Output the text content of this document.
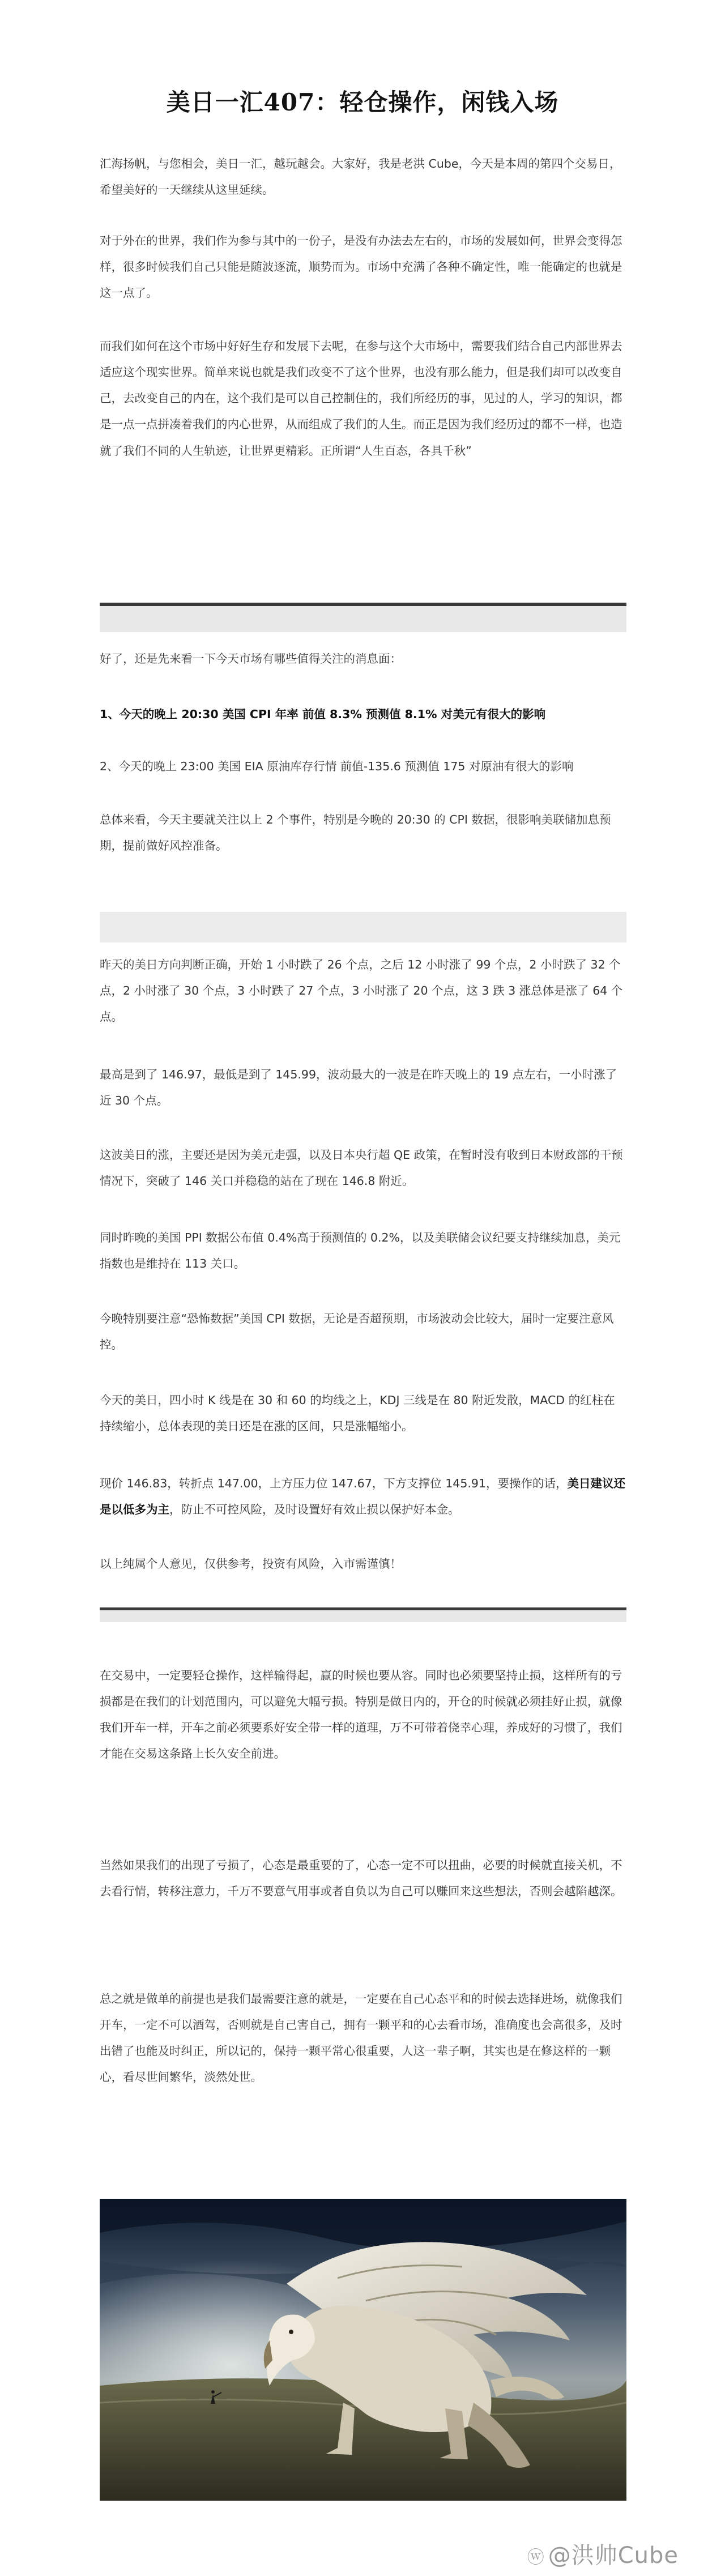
美日一汇407：轻仓操作，闲钱入场

汇海扬帆，与您相会，美日一汇，越玩越会。大家好，我是老洪 Cube，今天是本周的第四个交易日，希望美好的一天继续从这里延续。

对于外在的世界，我们作为参与其中的一份子，是没有办法去左右的，市场的发展如何，世界会变得怎样，很多时候我们自己只能是随波逐流，顺势而为。市场中充满了各种不确定性，唯一能确定的也就是这一点了。

而我们如何在这个市场中好好生存和发展下去呢，在参与这个大市场中，需要我们结合自己内部世界去适应这个现实世界。简单来说也就是我们改变不了这个世界，也没有那么能力，但是我们却可以改变自己，去改变自己的内在，这个我们是可以自己控制住的，我们所经历的事，见过的人，学习的知识，都是一点一点拼凑着我们的内心世界，从而组成了我们的人生。而正是因为我们经历过的都不一样，也造就了我们不同的人生轨迹，让世界更精彩。正所谓“人生百态，各具千秋”

好了，还是先来看一下今天市场有哪些值得关注的消息面：

1、今天的晚上 20:30 美国 CPI 年率 前值 8.3% 预测值 8.1% 对美元有很大的影响

2、今天的晚上 23:00 美国 EIA 原油库存行情 前值-135.6 预测值 175 对原油有很大的影响

总体来看，今天主要就关注以上 2 个事件，特别是今晚的 20:30 的 CPI 数据，很影响美联储加息预期，提前做好风控准备。

昨天的美日方向判断正确，开始 1 小时跌了 26 个点，之后 12 小时涨了 99 个点，2 小时跌了 32 个点，2 小时涨了 30 个点，3 小时跌了 27 个点，3 小时涨了 20 个点，这 3 跌 3 涨总体是涨了 64 个点。

最高是到了 146.97，最低是到了 145.99，波动最大的一波是在昨天晚上的 19 点左右，一小时涨了近 30 个点。

这波美日的涨，主要还是因为美元走强，以及日本央行超 QE 政策，在暂时没有收到日本财政部的干预情况下，突破了 146 关口并稳稳的站在了现在 146.8 附近。

同时昨晚的美国 PPI 数据公布值 0.4%高于预测值的 0.2%，以及美联储会议纪要支持继续加息，美元指数也是维持在 113 关口。

今晚特别要注意“恐怖数据”美国 CPI 数据，无论是否超预期，市场波动会比较大，届时一定要注意风控。

今天的美日，四小时 K 线是在 30 和 60 的均线之上，KDJ 三线是在 80 附近发散，MACD 的红柱在持续缩小，总体表现的美日还是在涨的区间，只是涨幅缩小。

现价 146.83，转折点 147.00，上方压力位 147.67，下方支撑位 145.91，要操作的话，美日建议还是以低多为主，防止不可控风险，及时设置好有效止损以保护好本金。

以上纯属个人意见，仅供参考，投资有风险，入市需谨慎！

在交易中，一定要轻仓操作，这样输得起，赢的时候也要从容。同时也必须要坚持止损，这样所有的亏损都是在我们的计划范围内，可以避免大幅亏损。特别是做日内的，开仓的时候就必须挂好止损，就像我们开车一样，开车之前必须要系好安全带一样的道理，万不可带着侥幸心理，养成好的习惯了，我们才能在交易这条路上长久安全前进。

当然如果我们的出现了亏损了，心态是最重要的了，心态一定不可以扭曲，必要的时候就直接关机，不去看行情，转移注意力，千万不要意气用事或者自负以为自己可以赚回来这些想法，否则会越陷越深。

总之就是做单的前提也是我们最需要注意的就是，一定要在自己心态平和的时候去选择进场，就像我们开车，一定不可以酒驾，否则就是自己害自己，拥有一颗平和的心去看市场，准确度也会高很多，及时出错了也能及时纠正，所以记的，保持一颗平常心很重要，人这一辈子啊，其实也是在修这样的一颗心，看尽世间繁华，淡然处世。

ⓦ @洪帅Cube
